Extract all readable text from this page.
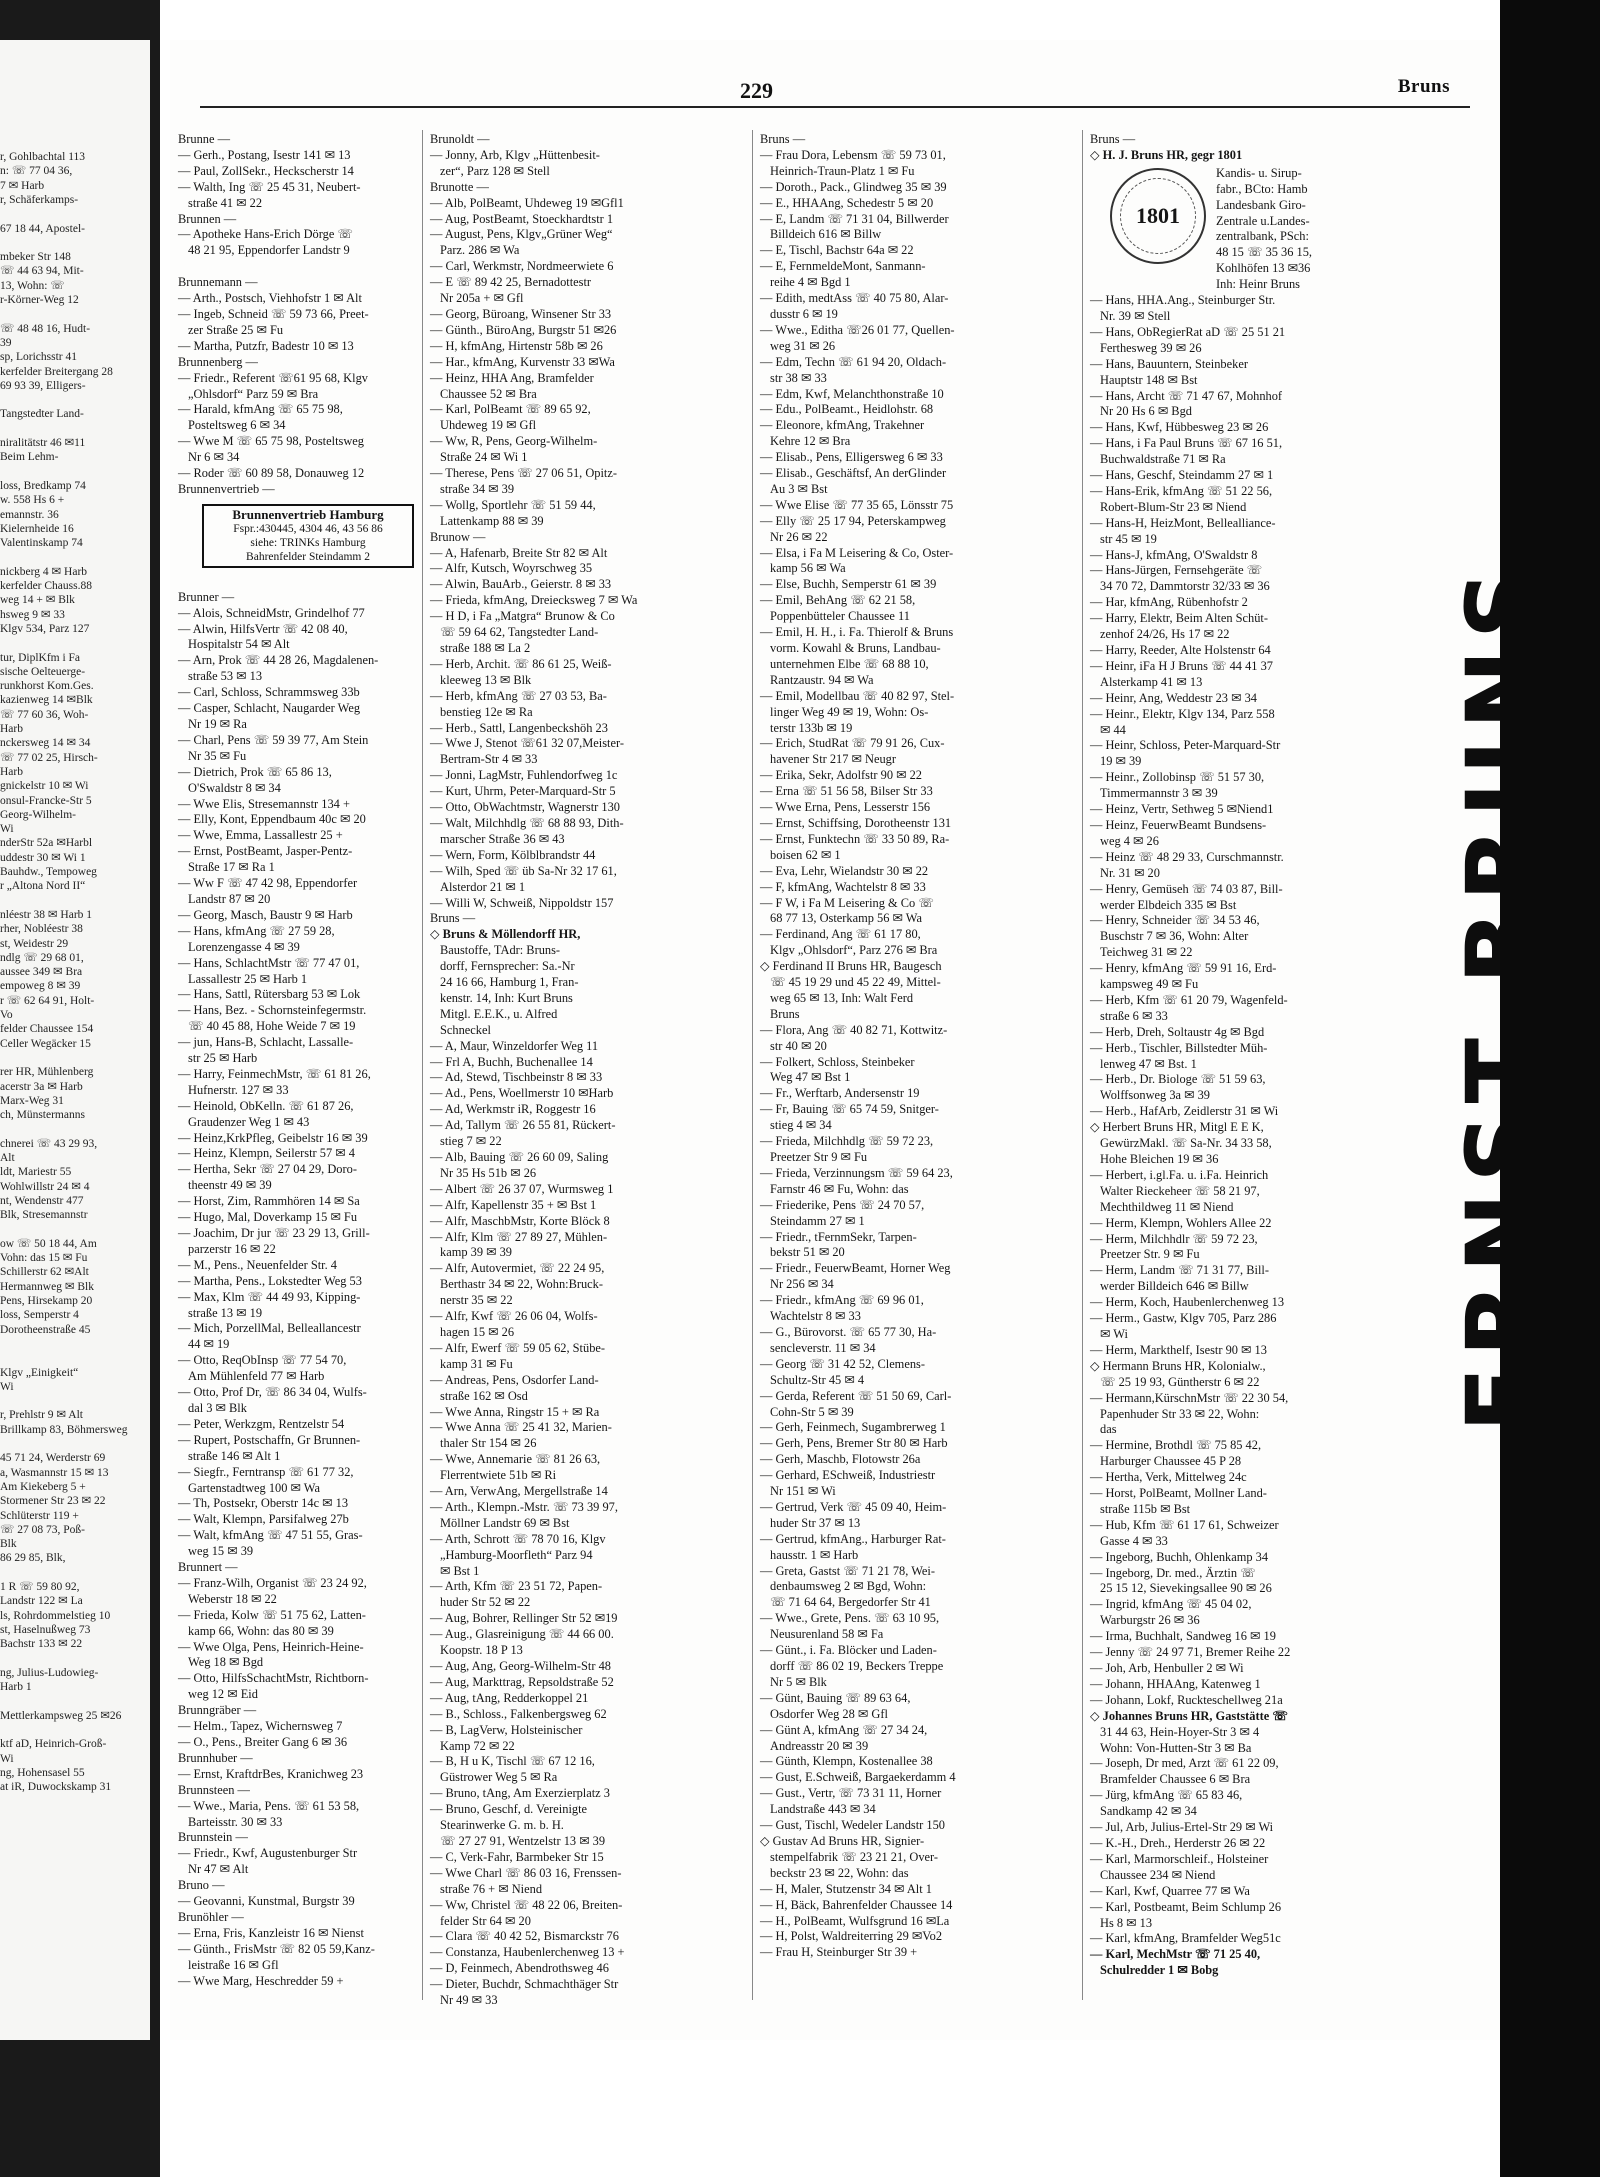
r, Gohlbachtal 113
n: ☏ 77 04 36,
7 ✉ Harb
r, Schäferkamps-
67 18 44, Apostel-
mbeker Str 148
☏ 44 63 94, Mit-
13, Wohn: ☏
r-Körner-Weg 12
☏ 48 48 16, Hudt-
39
sp, Lorichsstr 41
kerfelder Breitergang 28
69 93 39, Elligers-
Tangstedter Land-
niralitätstr 46 ✉11
Beim Lehm-
loss, Bredkamp 74
w. 558 Hs 6 +
emannstr. 36
Kielernheide 16
Valentinskamp 74
nickberg 4 ✉ Harb
kerfelder Chauss.88
weg 14 + ✉ Blk
hsweg 9 ✉ 33
Klgv 534, Parz 127
tur, DiplKfm i Fa
sische Oelteuerge-
runkhorst Kom.Ges.
kazienweg 14 ✉Blk
☏ 77 60 36, Woh-
Harb
nckersweg 14 ✉ 34
☏ 77 02 25, Hirsch-
Harb
gnickelstr 10 ✉ Wi
onsul-Francke-Str 5
Georg-Wilhelm-
Wi
nderStr 52a ✉Harbl
uddestr 30 ✉ Wi 1
Bauhdw., Tempoweg
r „Altona Nord II“
nléestr 38 ✉ Harb 1
rher, Nobléestr 38
st, Weidestr 29
ndlg ☏ 29 68 01,
aussee 349 ✉ Bra
empoweg 8 ✉ 39
r ☏ 62 64 91, Holt-
Vo
felder Chaussee 154
Celler Wegäcker 15
rer HR, Mühlenberg
acerstr 3a ✉ Harb
Marx-Weg 31
ch, Münstermanns
chnerei ☏ 43 29 93,
Alt
ldt, Mariestr 55
Wohlwillstr 24 ✉ 4
nt, Wendenstr 477
Blk, Stresemannstr
ow ☏ 50 18 44, Am
Vohn: das 15 ✉ Fu
Schillerstr 62 ✉Alt
Hermannweg ✉ Blk
Pens, Hirsekamp 20
loss, Semperstr 4
Dorotheenstraße 45
Klgv „Einigkeit“
Wi
r, Prehlstr 9 ✉ Alt
Brillkamp 83, Böhmersweg
45 71 24, Werderstr 69
a, Wasmannstr 15 ✉ 13
Am Kiekeberg 5 +
Stormener Str 23 ✉ 22
Schlüterstr 119 +
☏ 27 08 73, Poß-
Blk
86 29 85, Blk,
1 R ☏ 59 80 92,
Landstr 122 ✉ La
ls, Rohrdommelstieg 10
st, Haselnußweg 73
Bachstr 133 ✉ 22
ng, Julius-Ludowieg-
Harb 1
Mettlerkampsweg 25 ✉26
ktf aD, Heinrich-Groß-
Wi
ng, Hohensasel 55
at iR, Duwockskamp 31
229	Bruns
Brunne —
— Gerh., Postang, Isestr 141 ✉ 13
— Paul, ZollSekr., Heckscherstr 14
— Walth, Ing ☏ 25 45 31, Neubert-
straße 41 ✉ 22
Brunnen —
— Apotheke Hans-Erich Dörge ☏
48 21 95, Eppendorfer Landstr 9

Brunnemann —
— Arth., Postsch, Viehhofstr 1 ✉ Alt
— Ingeb, Schneid ☏ 59 73 66, Preet-
zer Straße 25 ✉ Fu
— Martha, Putzfr, Badestr 10 ✉ 13
Brunnenberg —
— Friedr., Referent ☏61 95 68, Klgv
„Ohlsdorf“ Parz 59 ✉ Bra
— Harald, kfmAng ☏ 65 75 98,
Posteltsweg 6 ✉ 34
— Wwe M ☏ 65 75 98, Posteltsweg
Nr 6 ✉ 34
— Roder ☏ 60 89 58, Donauweg 12
Brunnenvertrieb —
Brunnenvertrieb Hamburg
Fspr.:430445, 4304 46, 43 56 86
siehe: TRINKs Hamburg
Bahrenfelder Steindamm 2

Brunner —
— Alois, SchneidMstr, Grindelhof 77
— Alwin, HilfsVertr ☏ 42 08 40,
Hospitalstr 54 ✉ Alt
— Arn, Prok ☏ 44 28 26, Magdalenen-
straße 53 ✉ 13
— Carl, Schloss, Schrammsweg 33b
— Casper, Schlacht, Naugarder Weg
Nr 19 ✉ Ra
— Charl, Pens ☏ 59 39 77, Am Stein
Nr 35 ✉ Fu
— Dietrich, Prok ☏ 65 86 13,
O'Swaldstr 8 ✉ 34
— Wwe Elis, Stresemannstr 134 +
— Elly, Kont, Eppendbaum 40c ✉ 20
— Wwe, Emma, Lassallestr 25 +
— Ernst, PostBeamt, Jasper-Pentz-
Straße 17 ✉ Ra 1
— Ww F ☏ 47 42 98, Eppendorfer
Landstr 87 ✉ 20
— Georg, Masch, Baustr 9 ✉ Harb
— Hans, kfmAng ☏ 27 59 28,
Lorenzengasse 4 ✉ 39
— Hans, SchlachtMstr ☏ 77 47 01,
Lassallestr 25 ✉ Harb 1
— Hans, Sattl, Rütersbarg 53 ✉ Lok
— Hans, Bez. - Schornsteinfegermstr.
☏ 40 45 88, Hohe Weide 7 ✉ 19
— jun, Hans-B, Schlacht, Lassalle-
str 25 ✉ Harb
— Harry, FeinmechMstr, ☏ 61 81 26,
Hufnerstr. 127 ✉ 33
— Heinold, ObKelln. ☏ 61 87 26,
Graudenzer Weg 1 ✉ 43
— Heinz,KrkPfleg, Geibelstr 16 ✉ 39
— Heinz, Klempn, Seilerstr 57 ✉ 4
— Hertha, Sekr ☏ 27 04 29, Doro-
theenstr 49 ✉ 39
— Horst, Zim, Rammhören 14 ✉ Sa
— Hugo, Mal, Doverkamp 15 ✉ Fu
— Joachim, Dr jur ☏ 23 29 13, Grill-
parzerstr 16 ✉ 22
— M., Pens., Neuenfelder Str. 4
— Martha, Pens., Lokstedter Weg 53
— Max, Klm ☏ 44 49 93, Kipping-
straße 13 ✉ 19
— Mich, PorzellMal, Belleallancestr
44 ✉ 19
— Otto, ReqObInsp ☏ 77 54 70,
Am Mühlenfeld 77 ✉ Harb
— Otto, Prof Dr, ☏ 86 34 04, Wulfs-
dal 3 ✉ Blk
— Peter, Werkzgm, Rentzelstr 54
— Rupert, Postschaffn, Gr Brunnen-
straße 146 ✉ Alt 1
— Siegfr., Ferntransp ☏ 61 77 32,
Gartenstadtweg 100 ✉ Wa
— Th, Postsekr, Oberstr 14c ✉ 13
— Walt, Klempn, Parsifalweg 27b
— Walt, kfmAng ☏ 47 51 55, Gras-
weg 15 ✉ 39
Brunnert —
— Franz-Wilh, Organist ☏ 23 24 92,
Weberstr 18 ✉ 22
— Frieda, Kolw ☏ 51 75 62, Latten-
kamp 66, Wohn: das 80 ✉ 39
— Wwe Olga, Pens, Heinrich-Heine-
Weg 18 ✉ Bgd
— Otto, HilfsSchachtMstr, Richtborn-
weg 12 ✉ Eid
Brunngräber —
— Helm., Tapez, Wichernsweg 7
— O., Pens., Breiter Gang 6 ✉ 36
Brunnhuber —
— Ernst, KraftdrBes, Kranichweg 23
Brunnsteen —
— Wwe., Maria, Pens. ☏ 61 53 58,
Barteisstr. 30 ✉ 33
Brunnstein —
— Friedr., Kwf, Augustenburger Str
Nr 47 ✉ Alt
Bruno —
— Geovanni, Kunstmal, Burgstr 39
Brunöhler —
— Erna, Fris, Kanzleistr 16 ✉ Nienst
— Günth., FrisMstr ☏ 82 05 59,Kanz-
leistraße 16 ✉ Gfl
— Wwe Marg, Heschredder 59 +
Brunoldt —
— Jonny, Arb, Klgv „Hüttenbesit-
zer“, Parz 128 ✉ Stell
Brunotte —
— Alb, PolBeamt, Uhdeweg 19 ✉Gfl1
— Aug, PostBeamt, Stoeckhardtstr 1
— August, Pens, Klgv„Grüner Weg“
Parz. 286 ✉ Wa
— Carl, Werkmstr, Nordmeerwiete 6
— E ☏ 89 42 25, Bernadottestr
Nr 205a + ✉ Gfl
— Georg, Büroang, Winsener Str 33
— Günth., BüroAng, Burgstr 51 ✉26
— H, kfmAng, Hirtenstr 58b ✉ 26
— Har., kfmAng, Kurvenstr 33 ✉Wa
— Heinz, HHA Ang, Bramfelder
Chaussee 52 ✉ Bra
— Karl, PolBeamt ☏ 89 65 92,
Uhdeweg 19 ✉ Gfl
— Ww, R, Pens, Georg-Wilhelm-
Straße 24 ✉ Wi 1
— Therese, Pens ☏ 27 06 51, Opitz-
straße 34 ✉ 39
— Wollg, Sportlehr ☏ 51 59 44,
Lattenkamp 88 ✉ 39
Brunow —
— A, Hafenarb, Breite Str 82 ✉ Alt
— Alfr, Kutsch, Woyrschweg 35
— Alwin, BauArb., Geierstr. 8 ✉ 33
— Frieda, kfmAng, Dreiecksweg 7 ✉ Wa
— H D, i Fa „Matgra“ Brunow & Co
☏ 59 64 62, Tangstedter Land-
straße 188 ✉ La 2
— Herb, Archit. ☏ 86 61 25, Weiß-
kleeweg 13 ✉ Blk
— Herb, kfmAng ☏ 27 03 53, Ba-
benstieg 12e ✉ Ra
— Herb., Sattl, Langenbeckshöh 23
— Wwe J, Stenot ☏61 32 07,Meister-
Bertram-Str 4 ✉ 33
— Jonni, LagMstr, Fuhlendorfweg 1c
— Kurt, Uhrm, Peter-Marquard-Str 5
— Otto, ObWachtmstr, Wagnerstr 130
— Walt, Milchhdlg ☏ 68 88 93, Dith-
marscher Straße 36 ✉ 43
— Wern, Form, Kölblbrandstr 44
— Wilh, Sped ☏ üb Sa-Nr 32 17 61,
Alsterdor 21 ✉ 1
— Willi W, Schweiß, Nippoldstr 157
Bruns —
◇ Bruns & Möllendorff HR,
Baustoffe, TAdr: Bruns-
dorff, Fernsprecher: Sa.-Nr
24 16 66, Hamburg 1, Fran-
kenstr. 14, Inh: Kurt Bruns
Mitgl. E.E.K., u. Alfred
Schneckel
— A, Maur, Winzeldorfer Weg 11
— Frl A, Buchh, Buchenallee 14
— Ad, Stewd, Tischbeinstr 8 ✉ 33
— Ad., Pens, Woellmerstr 10 ✉Harb
— Ad, Werkmstr iR, Roggestr 16
— Ad, Tallym ☏ 26 55 81, Rückert-
stieg 7 ✉ 22
— Alb, Bauing ☏ 26 60 09, Saling
Nr 35 Hs 51b ✉ 26
— Albert ☏ 26 37 07, Wurmsweg 1
— Alfr, Kapellenstr 35 + ✉ Bst 1
— Alfr, MaschbMstr, Korte Blöck 8
— Alfr, Klm ☏ 27 89 27, Mühlen-
kamp 39 ✉ 39
— Alfr, Autovermiet, ☏ 22 24 95,
Berthastr 34 ✉ 22, Wohn:Bruck-
nerstr 35 ✉ 22
— Alfr, Kwf ☏ 26 06 04, Wolfs-
hagen 15 ✉ 26
— Alfr, Ewerf ☏ 59 05 62, Stübe-
kamp 31 ✉ Fu
— Andreas, Pens, Osdorfer Land-
straße 162 ✉ Osd
— Wwe Anna, Ringstr 15 + ✉ Ra
— Wwe Anna ☏ 25 41 32, Marien-
thaler Str 154 ✉ 26
— Wwe, Annemarie ☏ 81 26 63,
Flerrentwiete 51b ✉ Ri
— Arn, VerwAng, Mergellstraße 14
— Arth., Klempn.-Mstr. ☏ 73 39 97,
Möllner Landstr 69 ✉ Bst
— Arth, Schrott ☏ 78 70 16, Klgv
„Hamburg-Moorfleth“ Parz 94
✉ Bst 1
— Arth, Kfm ☏ 23 51 72, Papen-
huder Str 52 ✉ 22
— Aug, Bohrer, Rellinger Str 52 ✉19
— Aug., Glasreinigung ☏ 44 66 00.
Koopstr. 18 P 13
— Aug, Ang, Georg-Wilhelm-Str 48
— Aug, Markttrag, Repsoldstraße 52
— Aug, tAng, Redderkoppel 21
— B., Schloss., Falkenbergsweg 62
— B, LagVerw, Holsteinischer
Kamp 72 ✉ 22
— B, H u K, Tischl ☏ 67 12 16,
Güstrower Weg 5 ✉ Ra
— Bruno, tAng, Am Exerzierplatz 3
— Bruno, Geschf, d. Vereinigte
Stearinwerke G. m. b. H.
☏ 27 27 91, Wentzelstr 13 ✉ 39
— C, Verk-Fahr, Barmbeker Str 15
— Wwe Charl ☏ 86 03 16, Frenssen-
straße 76 + ✉ Niend
— Ww, Christel ☏ 48 22 06, Breiten-
felder Str 64 ✉ 20
— Clara ☏ 40 42 52, Bismarckstr 76
— Constanza, Haubenlerchenweg 13 +
— D, Feinmech, Abendrothsweg 46
— Dieter, Buchdr, Schmachthäger Str
Nr 49 ✉ 33
Bruns —
— Frau Dora, Lebensm ☏ 59 73 01,
Heinrich-Traun-Platz 1 ✉ Fu
— Doroth., Pack., Glindweg 35 ✉ 39
— E., HHAAng, Schedestr 5 ✉ 20
— E, Landm ☏ 71 31 04, Billwerder
Billdeich 616 ✉ Billw
— E, Tischl, Bachstr 64a ✉ 22
— E, FernmeldeMont, Sanmann-
reihe 4 ✉ Bgd 1
— Edith, medtAss ☏ 40 75 80, Alar-
dusstr 6 ✉ 19
— Wwe., Editha ☏26 01 77, Quellen-
weg 31 ✉ 26
— Edm, Techn ☏ 61 94 20, Oldach-
str 38 ✉ 33
— Edm, Kwf, Melanchthonstraße 10
— Edu., PolBeamt., Heidlohstr. 68
— Eleonore, kfmAng, Trakehner
Kehre 12 ✉ Bra
— Elisab., Pens, Elligersweg 6 ✉ 33
— Elisab., Geschäftsf, An derGlinder
Au 3 ✉ Bst
— Wwe Elise ☏ 77 35 65, Lönsstr 75
— Elly ☏ 25 17 94, Peterskampweg
Nr 26 ✉ 22
— Elsa, i Fa M Leisering & Co, Oster-
kamp 56 ✉ Wa
— Else, Buchh, Semperstr 61 ✉ 39
— Emil, BehAng ☏ 62 21 58,
Poppenbütteler Chaussee 11
— Emil, H. H., i. Fa. Thierolf & Bruns
vorm. Kowahl & Bruns, Landbau-
unternehmen Elbe ☏ 68 88 10,
Rantzaustr. 94 ✉ Wa
— Emil, Modellbau ☏ 40 82 97, Stel-
linger Weg 49 ✉ 19, Wohn: Os-
terstr 133b ✉ 19
— Erich, StudRat ☏ 79 91 26, Cux-
havener Str 217 ✉ Neugr
— Erika, Sekr, Adolfstr 90 ✉ 22
— Erna ☏ 51 56 58, Bilser Str 33
— Wwe Erna, Pens, Lesserstr 156
— Ernst, Schiffsing, Dorotheenstr 131
— Ernst, Funktechn ☏ 33 50 89, Ra-
boisen 62 ✉ 1
— Eva, Lehr, Wielandstr 30 ✉ 22
— F, kfmAng, Wachtelstr 8 ✉ 33
— F W, i Fa M Leisering & Co ☏
68 77 13, Osterkamp 56 ✉ Wa
— Ferdinand, Ang ☏ 61 17 80,
Klgv „Ohlsdorf“, Parz 276 ✉ Bra
◇ Ferdinand II Bruns HR, Baugesch
☏ 45 19 29 und 45 22 49, Mittel-
weg 65 ✉ 13, Inh: Walt Ferd
Bruns
— Flora, Ang ☏ 40 82 71, Kottwitz-
str 40 ✉ 20
— Folkert, Schloss, Steinbeker
Weg 47 ✉ Bst 1
— Fr., Werftarb, Andersenstr 19
— Fr, Bauing ☏ 65 74 59, Snitger-
stieg 4 ✉ 34
— Frieda, Milchhdlg ☏ 59 72 23,
Preetzer Str 9 ✉ Fu
— Frieda, Verzinnungsm ☏ 59 64 23,
Farnstr 46 ✉ Fu, Wohn: das
— Friederike, Pens ☏ 24 70 57,
Steindamm 27 ✉ 1
— Friedr., tFernmSekr, Tarpen-
bekstr 51 ✉ 20
— Friedr., FeuerwBeamt, Horner Weg
Nr 256 ✉ 34
— Friedr., kfmAng ☏ 69 96 01,
Wachtelstr 8 ✉ 33
— G., Bürovorst. ☏ 65 77 30, Ha-
sencleverstr. 11 ✉ 34
— Georg ☏ 31 42 52, Clemens-
Schultz-Str 45 ✉ 4
— Gerda, Referent ☏ 51 50 69, Carl-
Cohn-Str 5 ✉ 39
— Gerh, Feinmech, Sugambrerweg 1
— Gerh, Pens, Bremer Str 80 ✉ Harb
— Gerh, Maschb, Flotowstr 26a
— Gerhard, ESchweiß, Industriestr
Nr 151 ✉ Wi
— Gertrud, Verk ☏ 45 09 40, Heim-
huder Str 37 ✉ 13
— Gertrud, kfmAng., Harburger Rat-
hausstr. 1 ✉ Harb
— Greta, Gastst ☏ 71 21 78, Wei-
denbaumsweg 2 ✉ Bgd, Wohn:
☏ 71 64 64, Bergedorfer Str 41
— Wwe., Grete, Pens. ☏ 63 10 95,
Neusurenland 58 ✉ Fa
— Günt., i. Fa. Blöcker und Laden-
dorff ☏ 86 02 19, Beckers Treppe
Nr 5 ✉ Blk
— Günt, Bauing ☏ 89 63 64,
Osdorfer Weg 28 ✉ Gfl
— Günt A, kfmAng ☏ 27 34 24,
Andreasstr 20 ✉ 39
— Günth, Klempn, Kostenallee 38
— Gust, E.Schweiß, Bargaekerdamm 4
— Gust., Vertr, ☏ 73 31 11, Horner
Landstraße 443 ✉ 34
— Gust, Tischl, Wedeler Landstr 150
◇ Gustav Ad Bruns HR, Signier-
stempelfabrik ☏ 23 21 21, Over-
beckstr 23 ✉ 22, Wohn: das
— H, Maler, Stutzenstr 34 ✉ Alt 1
— H, Bäck, Bahrenfelder Chaussee 14
— H., PolBeamt, Wulfsgrund 16 ✉La
— H, Polst, Waldreiterring 29 ✉Vo2
— Frau H, Steinburger Str 39 +
Bruns —
◇ H. J. Bruns HR, gegr 1801
1801
Kandis- u. Sirup-
fabr., BCto: Hamb
Landesbank Giro-
Zentrale u.Landes-
zentralbank, PSch:
48 15 ☏ 35 36 15,
Kohlhöfen 13 ✉36
Inh: Heinr Bruns
— Hans, HHA.Ang., Steinburger Str.
Nr. 39 ✉ Stell
— Hans, ObRegierRat aD ☏ 25 51 21
Ferthesweg 39 ✉ 26
— Hans, Bauuntern, Steinbeker
Hauptstr 148 ✉ Bst
— Hans, Archt ☏ 71 47 67, Mohnhof
Nr 20 Hs 6 ✉ Bgd
— Hans, Kwf, Hübbesweg 23 ✉ 26
— Hans, i Fa Paul Bruns ☏ 67 16 51,
Buchwaldstraße 71 ✉ Ra
— Hans, Geschf, Steindamm 27 ✉ 1
— Hans-Erik, kfmAng ☏ 51 22 56,
Robert-Blum-Str 23 ✉ Niend
— Hans-H, HeizMont, Bellealliance-
str 45 ✉ 19
— Hans-J, kfmAng, O'Swaldstr 8
— Hans-Jürgen, Fernsehgeräte ☏
34 70 72, Dammtorstr 32/33 ✉ 36
— Har, kfmAng, Rübenhofstr 2
— Harry, Elektr, Beim Alten Schüt-
zenhof 24/26, Hs 17 ✉ 22
— Harry, Reeder, Alte Holstenstr 64
— Heinr, iFa H J Bruns ☏ 44 41 37
Alsterkamp 41 ✉ 13
— Heinr, Ang, Weddestr 23 ✉ 34
— Heinr., Elektr, Klgv 134, Parz 558
✉ 44
— Heinr, Schloss, Peter-Marquard-Str
19 ✉ 39
— Heinr., Zollobinsp ☏ 51 57 30,
Timmermannstr 3 ✉ 39
— Heinz, Vertr, Sethweg 5 ✉Niend1
— Heinz, FeuerwBeamt Bundsens-
weg 4 ✉ 26
— Heinz ☏ 48 29 33, Curschmannstr.
Nr. 31 ✉ 20
— Henry, Gemüseh ☏ 74 03 87, Bill-
werder Elbdeich 335 ✉ Bst
— Henry, Schneider ☏ 34 53 46,
Buschstr 7 ✉ 36, Wohn: Alter
Teichweg 31 ✉ 22
— Henry, kfmAng ☏ 59 91 16, Erd-
kampsweg 49 ✉ Fu
— Herb, Kfm ☏ 61 20 79, Wagenfeld-
straße 6 ✉ 33
— Herb, Dreh, Soltaustr 4g ✉ Bgd
— Herb., Tischler, Billstedter Müh-
lenweg 47 ✉ Bst. 1
— Herb., Dr. Biologe ☏ 51 59 63,
Wolffsonweg 3a ✉ 39
— Herb., HafArb, Zeidlerstr 31 ✉ Wi
◇ Herbert Bruns HR, Mitgl E E K,
GewürzMakl. ☏ Sa-Nr. 34 33 58,
Hohe Bleichen 19 ✉ 36
— Herbert, i.gl.Fa. u. i.Fa. Heinrich
Walter Rieckeheer ☏ 58 21 97,
Mechthildweg 11 ✉ Niend
— Herm, Klempn, Wohlers Allee 22
— Herm, Milchhdlr ☏ 59 72 23,
Preetzer Str. 9 ✉ Fu
— Herm, Landm ☏ 71 31 77, Bill-
werder Billdeich 646 ✉ Billw
— Herm, Koch, Haubenlerchenweg 13
— Herm., Gastw, Klgv 705, Parz 286
✉ Wi
— Herm, Markthelf, Isestr 90 ✉ 13
◇ Hermann Bruns HR, Kolonialw.,
☏ 25 19 93, Güntherstr 6 ✉ 22
— Hermann,KürschnMstr ☏ 22 30 54,
Papenhuder Str 33 ✉ 22, Wohn:
das
— Hermine, Brothdl ☏ 75 85 42,
Harburger Chaussee 45 P 28
— Hertha, Verk, Mittelweg 24c
— Horst, PolBeamt, Mollner Land-
straße 115b ✉ Bst
— Hub, Kfm ☏ 61 17 61, Schweizer
Gasse 4 ✉ 33
— Ingeborg, Buchh, Ohlenkamp 34
— Ingeborg, Dr. med., Ärztin ☏
25 15 12, Sievekingsallee 90 ✉ 26
— Ingrid, kfmAng ☏ 45 04 02,
Warburgstr 26 ✉ 36
— Irma, Buchhalt, Sandweg 16 ✉ 19
— Jenny ☏ 24 97 71, Bremer Reihe 22
— Joh, Arb, Henbuller 2 ✉ Wi
— Johann, HHAAng, Katenweg 1
— Johann, Lokf, Ruckteschellweg 21a
◇ Johannes Bruns HR, Gaststätte ☏
31 44 63, Hein-Hoyer-Str 3 ✉ 4
Wohn: Von-Hutten-Str 3 ✉ Ba
— Joseph, Dr med, Arzt ☏ 61 22 09,
Bramfelder Chaussee 6 ✉ Bra
— Jürg, kfmAng ☏ 65 83 46,
Sandkamp 42 ✉ 34
— Jul, Arb, Julius-Ertel-Str 29 ✉ Wi
— K.-H., Dreh., Herderstr 26 ✉ 22
— Karl, Marmorschleif., Holsteiner
Chaussee 234 ✉ Niend
— Karl, Kwf, Quarree 77 ✉ Wa
— Karl, Postbeamt, Beim Schlump 26
Hs 8 ✉ 13
— Karl, kfmAng, Bramfelder Weg51c
— Karl, MechMstr ☏ 71 25 40,
Schulredder 1 ✉ Bobg
